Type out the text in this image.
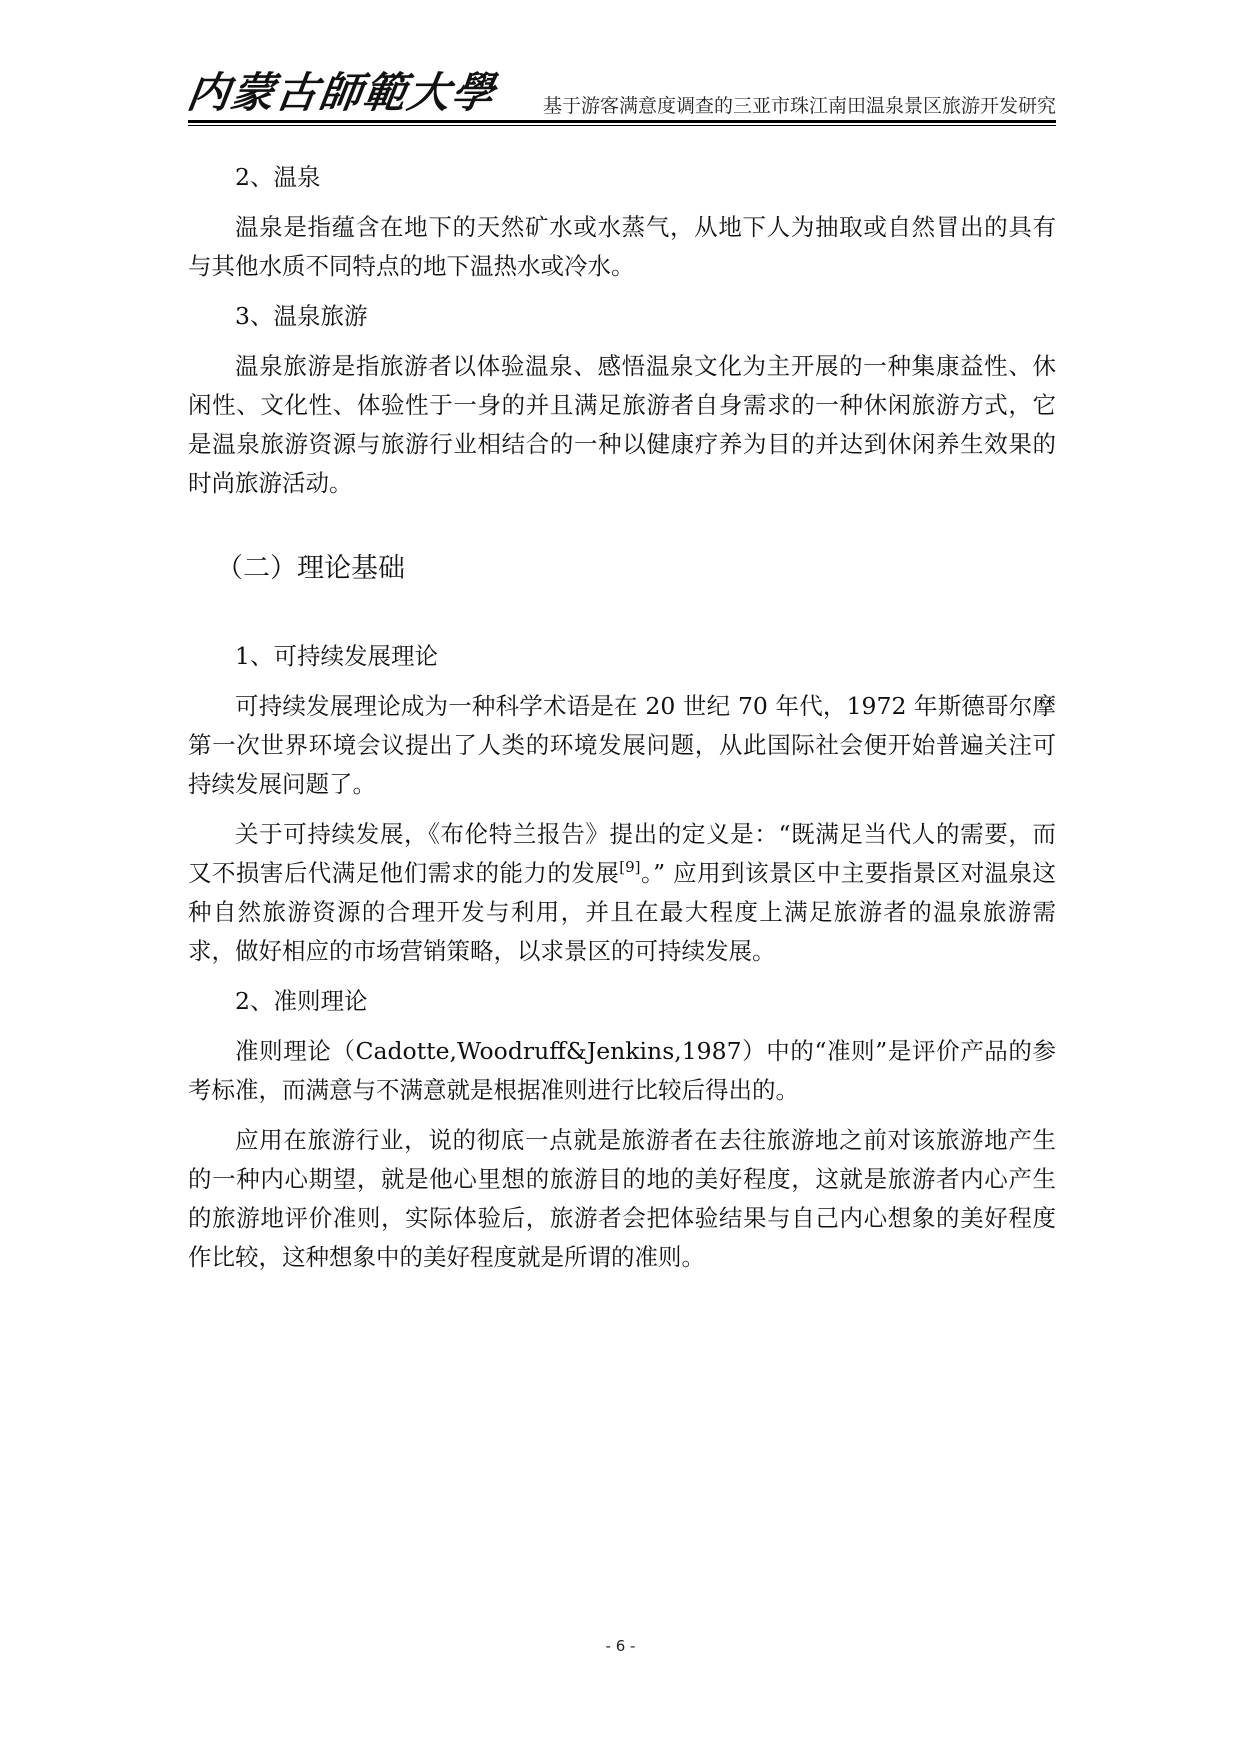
内蒙古師範大學 基于游客满意度调查的三亚市珠江南田温泉景区旅游开发研究
2、温泉

温泉是指蕴含在地下的天然矿水或水蒸气，从地下人为抽取或自然冒出的具有与其他水质不同特点的地下温热水或冷水。

3、温泉旅游

温泉旅游是指旅游者以体验温泉、感悟温泉文化为主开展的一种集康益性、休闲性、文化性、体验性于一身的并且满足旅游者自身需求的一种休闲旅游方式，它是温泉旅游资源与旅游行业相结合的一种以健康疗养为目的并达到休闲养生效果的时尚旅游活动。

（二）理论基础
1、可持续发展理论

可持续发展理论成为一种科学术语是在 20 世纪 70 年代，1972 年斯德哥尔摩第一次世界环境会议提出了人类的环境发展问题，从此国际社会便开始普遍关注可持续发展问题了。

关于可持续发展，《布伦特兰报告》提出的定义是：“既满足当代人的需要，而又不损害后代满足他们需求的能力的发展[9]。” 应用到该景区中主要指景区对温泉这种自然旅游资源的合理开发与利用，并且在最大程度上满足旅游者的温泉旅游需求，做好相应的市场营销策略，以求景区的可持续发展。

2、准则理论

准则理论（Cadotte,Woodruff&Jenkins,1987）中的“准则”是评价产品的参考标准，而满意与不满意就是根据准则进行比较后得出的。

应用在旅游行业，说的彻底一点就是旅游者在去往旅游地之前对该旅游地产生的一种内心期望，就是他心里想的旅游目的地的美好程度，这就是旅游者内心产生的旅游地评价准则，实际体验后，旅游者会把体验结果与自己内心想象的美好程度作比较，这种想象中的美好程度就是所谓的准则。

- 6 -
